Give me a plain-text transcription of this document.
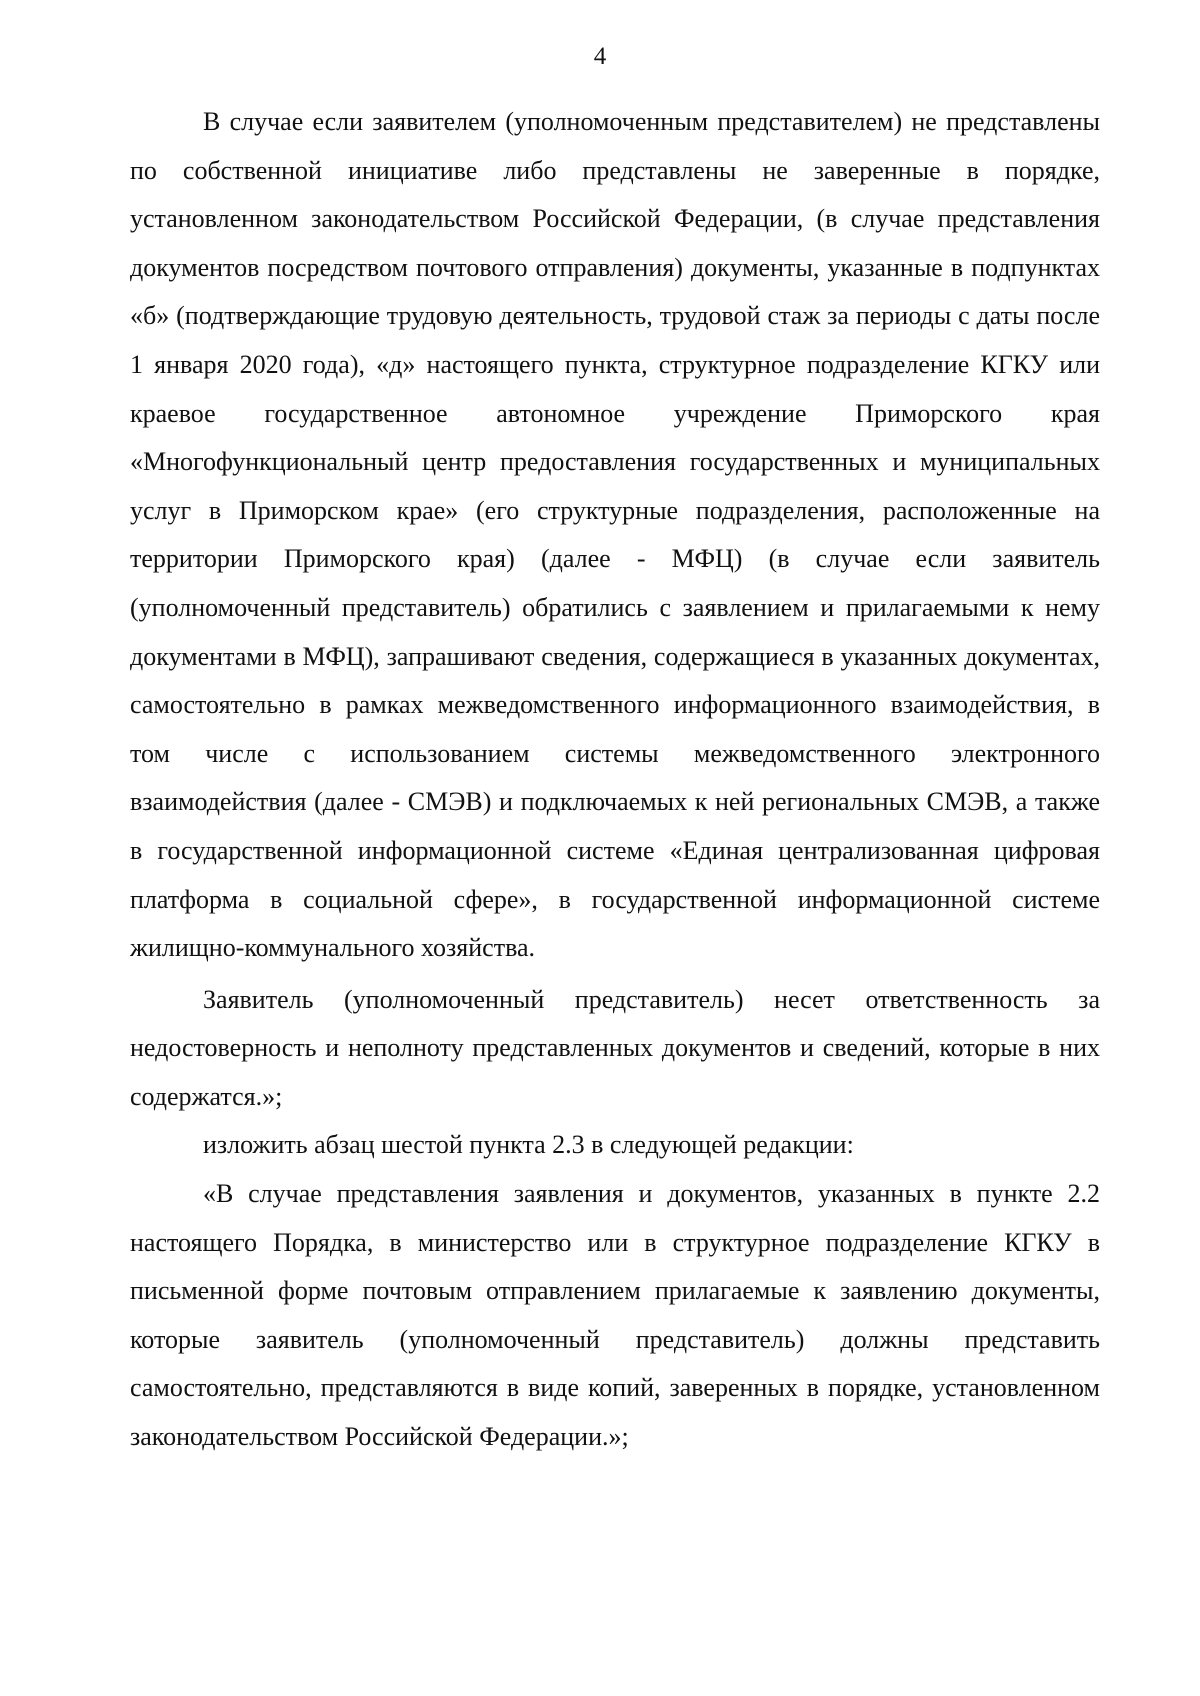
4

В случае если заявителем (уполномоченным представителем) не представлены по собственной инициативе либо представлены не заверенные в порядке, установленном законодательством Российской Федерации, (в случае представления документов посредством почтового отправления) документы, указанные в подпунктах «б» (подтверждающие трудовую деятельность, трудовой стаж за периоды с даты после 1 января 2020 года), «д» настоящего пункта, структурное подразделение КГКУ или краевое государственное автономное учреждение Приморского края «Многофункциональный центр предоставления государственных и муниципальных услуг в Приморском крае» (его структурные подразделения, расположенные на территории Приморского края) (далее - МФЦ) (в случае если заявитель (уполномоченный представитель) обратились с заявлением и прилагаемыми к нему документами в МФЦ), запрашивают сведения, содержащиеся в указанных документах, самостоятельно в рамках межведомственного информационного взаимодействия, в том числе с использованием системы межведомственного электронного взаимодействия (далее - СМЭВ) и подключаемых к ней региональных СМЭВ, а также в государственной информационной системе «Единая централизованная цифровая платформа в социальной сфере», в государственной информационной системе жилищно-коммунального хозяйства.

Заявитель (уполномоченный представитель) несет ответственность за недостоверность и неполноту представленных документов и сведений, которые в них содержатся.»;

изложить абзац шестой пункта 2.3 в следующей редакции:

«В случае представления заявления и документов, указанных в пункте 2.2 настоящего Порядка, в министерство или в структурное подразделение КГКУ в письменной форме почтовым отправлением прилагаемые к заявлению документы, которые заявитель (уполномоченный представитель) должны представить самостоятельно, представляются в виде копий, заверенных в порядке, установленном законодательством Российской Федерации.»;
